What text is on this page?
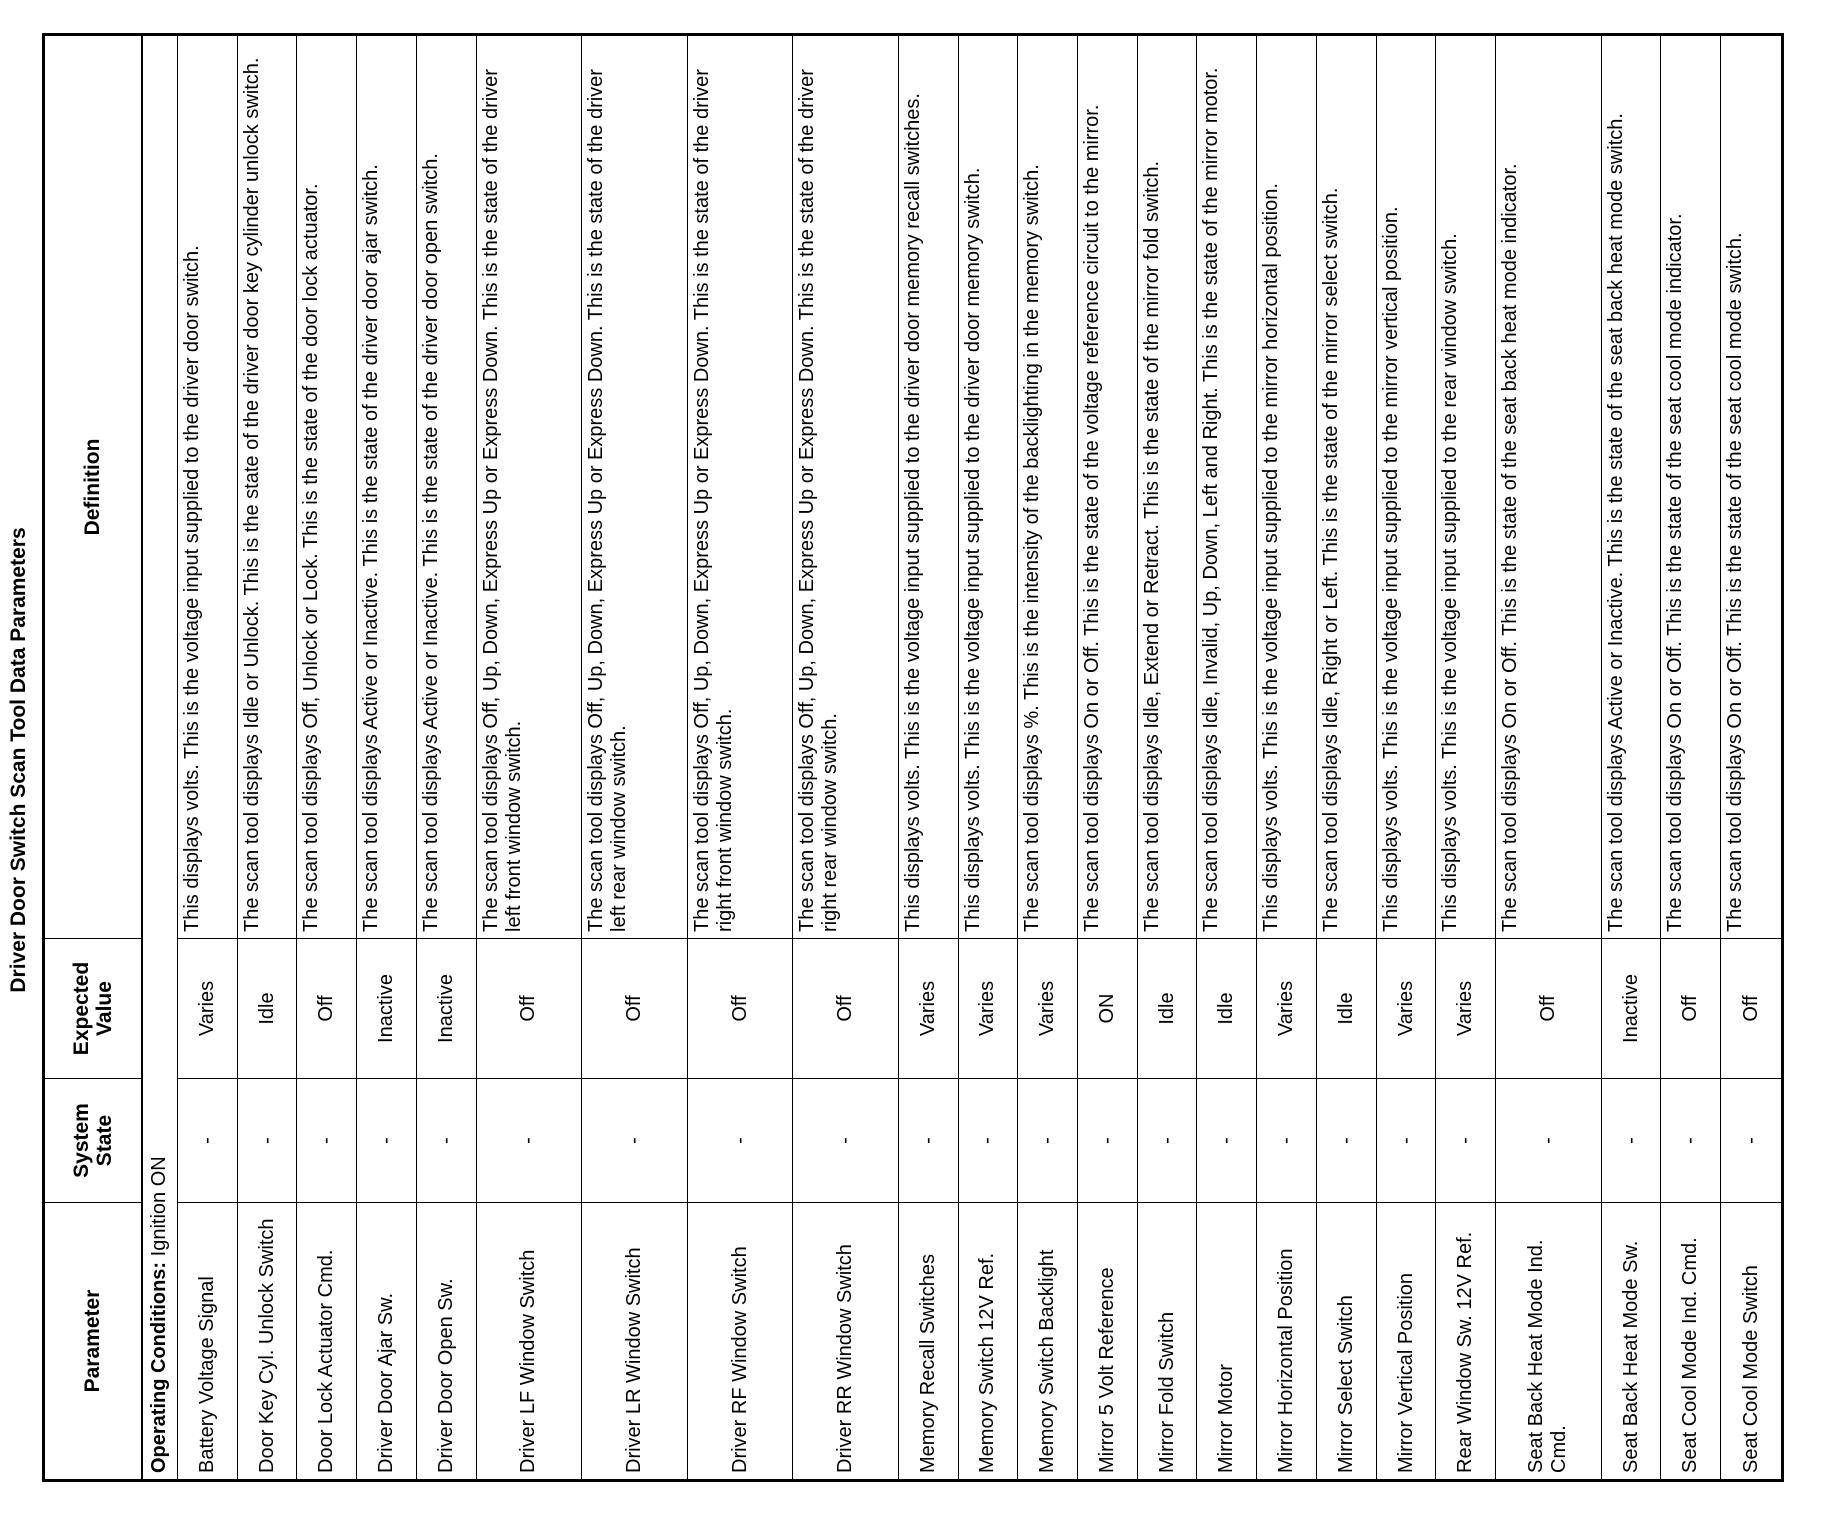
Driver Door Switch Scan Tool Data Parameters
Parameter	System State	Expected Value	Definition
Operating Conditions: Ignition ON			
Battery Voltage Signal	-	Varies	This displays volts. This is the voltage input supplied to the driver door switch.
Door Key Cyl. Unlock Switch	-	Idle	The scan tool displays Idle or Unlock. This is the state of the driver door key cylinder unlock switch.
Door Lock Actuator Cmd.	-	Off	The scan tool displays Off, Unlock or Lock. This is the state of the door lock actuator.
Driver Door Ajar Sw.	-	Inactive	The scan tool displays Active or Inactive. This is the state of the driver door ajar switch.
Driver Door Open Sw.	-	Inactive	The scan tool displays Active or Inactive. This is the state of the driver door open switch.
Driver LF Window Switch	-	Off	The scan tool displays Off, Up, Down, Express Up or Express Down. This is the state of the driver left front window switch.
Driver LR Window Switch	-	Off	The scan tool displays Off, Up, Down, Express Up or Express Down. This is the state of the driver left rear window switch.
Driver RF Window Switch	-	Off	The scan tool displays Off, Up, Down, Express Up or Express Down. This is the state of the driver right front window switch.
Driver RR Window Switch	-	Off	The scan tool displays Off, Up, Down, Express Up or Express Down. This is the state of the driver right rear window switch.
Memory Recall Switches	-	Varies	This displays volts. This is the voltage input supplied to the driver door memory recall switches.
Memory Switch 12V Ref.	-	Varies	This displays volts. This is the voltage input supplied to the driver door memory switch.
Memory Switch Backlight	-	Varies	The scan tool displays %. This is the intensity of the backlighting in the memory switch.
Mirror 5 Volt Reference	-	ON	The scan tool displays On or Off. This is the state of the voltage reference circuit to the mirror.
Mirror Fold Switch	-	Idle	The scan tool displays Idle, Extend or Retract. This is the state of the mirror fold switch.
Mirror Motor	-	Idle	The scan tool displays Idle, Invalid, Up, Down, Left and Right. This is the state of the mirror motor.
Mirror Horizontal Position	-	Varies	This displays volts. This is the voltage input supplied to the mirror horizontal position.
Mirror Select Switch	-	Idle	The scan tool displays Idle, Right or Left. This is the state of the mirror select switch.
Mirror Vertical Position	-	Varies	This displays volts. This is the voltage input supplied to the mirror vertical position.
Rear Window Sw. 12V Ref.	-	Varies	This displays volts. This is the voltage input supplied to the rear window switch.
Seat Back Heat Mode Ind. Cmd.	-	Off	The scan tool displays On or Off. This is the state of the seat back heat mode indicator.
Seat Back Heat Mode Sw.	-	Inactive	The scan tool displays Active or Inactive. This is the state of the seat back heat mode switch.
Seat Cool Mode Ind. Cmd.	-	Off	The scan tool displays On or Off. This is the state of the seat cool mode indicator.
Seat Cool Mode Switch	-	Off	The scan tool displays On or Off. This is the state of the seat cool mode switch.
